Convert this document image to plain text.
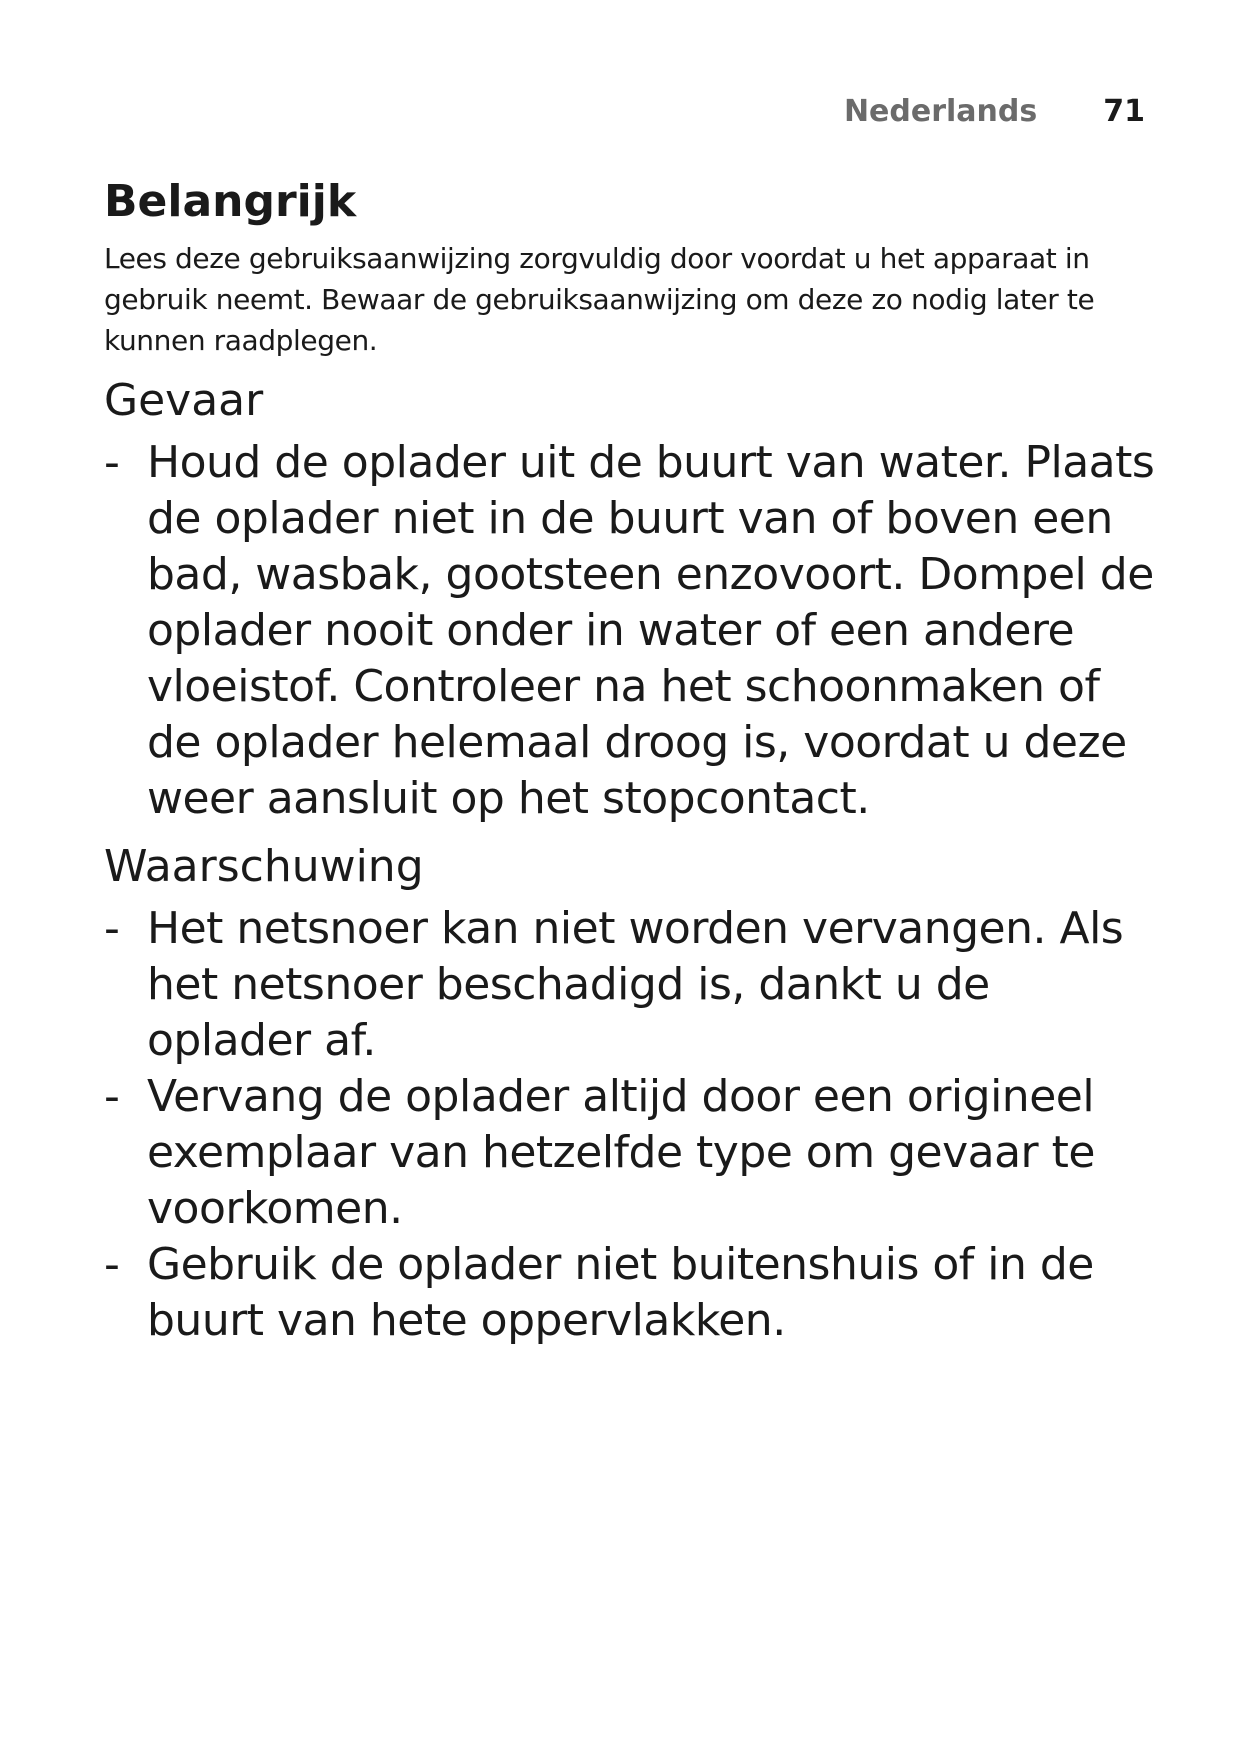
Nederlands 71
Belangrijk

Lees deze gebruiksaanwijzing zorgvuldig door voordat u het apparaat in gebruik neemt. Bewaar de gebruiksaanwijzing om deze zo nodig later te kunnen raadplegen.

Gevaar
- Houd de oplader uit de buurt van water. Plaats de oplader niet in de buurt van of boven een bad, wasbak, gootsteen enzovoort. Dompel de oplader nooit onder in water of een andere vloeistof. Controleer na het schoonmaken of de oplader helemaal droog is, voordat u deze weer aansluit op het stopcontact.
Waarschuwing
- Het netsnoer kan niet worden vervangen. Als het netsnoer beschadigd is, dankt u de oplader af.
- Vervang de oplader altijd door een origineel exemplaar van hetzelfde type om gevaar te voorkomen.
- Gebruik de oplader niet buitenshuis of in de buurt van hete oppervlakken.
